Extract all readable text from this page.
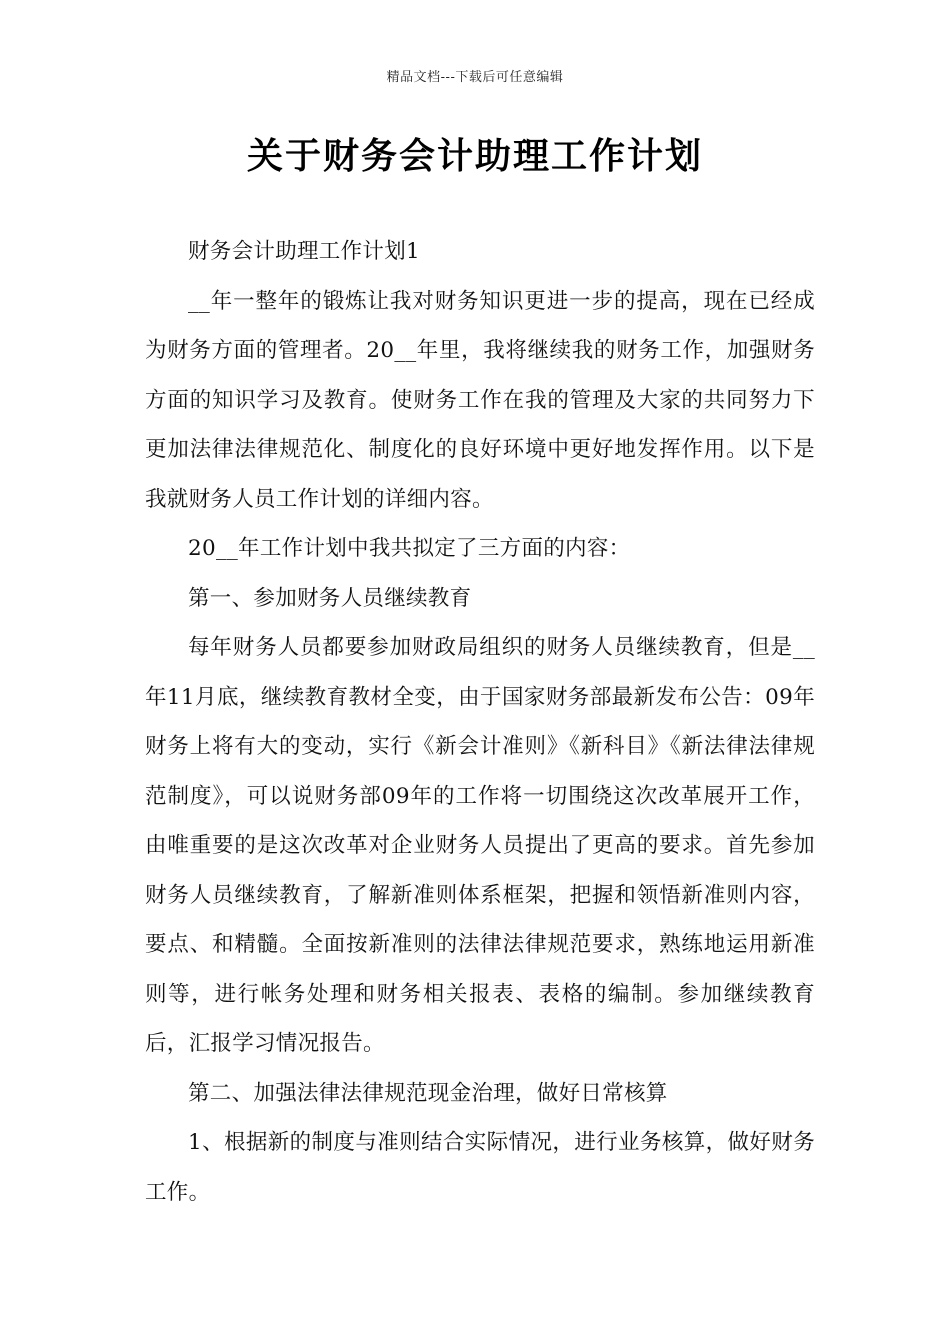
精品文档---下载后可任意编辑
关于财务会计助理工作计划

财务会计助理工作计划1

__年一整年的锻炼让我对财务知识更进一步的提高，现在已经成为财务方面的管理者。20__年里，我将继续我的财务工作，加强财务方面的知识学习及教育。使财务工作在我的管理及大家的共同努力下更加法律法律规范化、制度化的良好环境中更好地发挥作用。以下是我就财务人员工作计划的详细内容。

20__年工作计划中我共拟定了三方面的内容：

第一、参加财务人员继续教育

每年财务人员都要参加财政局组织的财务人员继续教育，但是__年11月底，继续教育教材全变，由于国家财务部最新发布公告：09年财务上将有大的变动，实行《新会计准则》《新科目》《新法律法律规范制度》，可以说财务部09年的工作将一切围绕这次改革展开工作，由唯重要的是这次改革对企业财务人员提出了更高的要求。首先参加财务人员继续教育，了解新准则体系框架，把握和领悟新准则内容，要点、和精髓。全面按新准则的法律法律规范要求，熟练地运用新准则等，进行帐务处理和财务相关报表、表格的编制。参加继续教育后，汇报学习情况报告。

第二、加强法律法律规范现金治理，做好日常核算

1、根据新的制度与准则结合实际情况，进行业务核算，做好财务工作。
